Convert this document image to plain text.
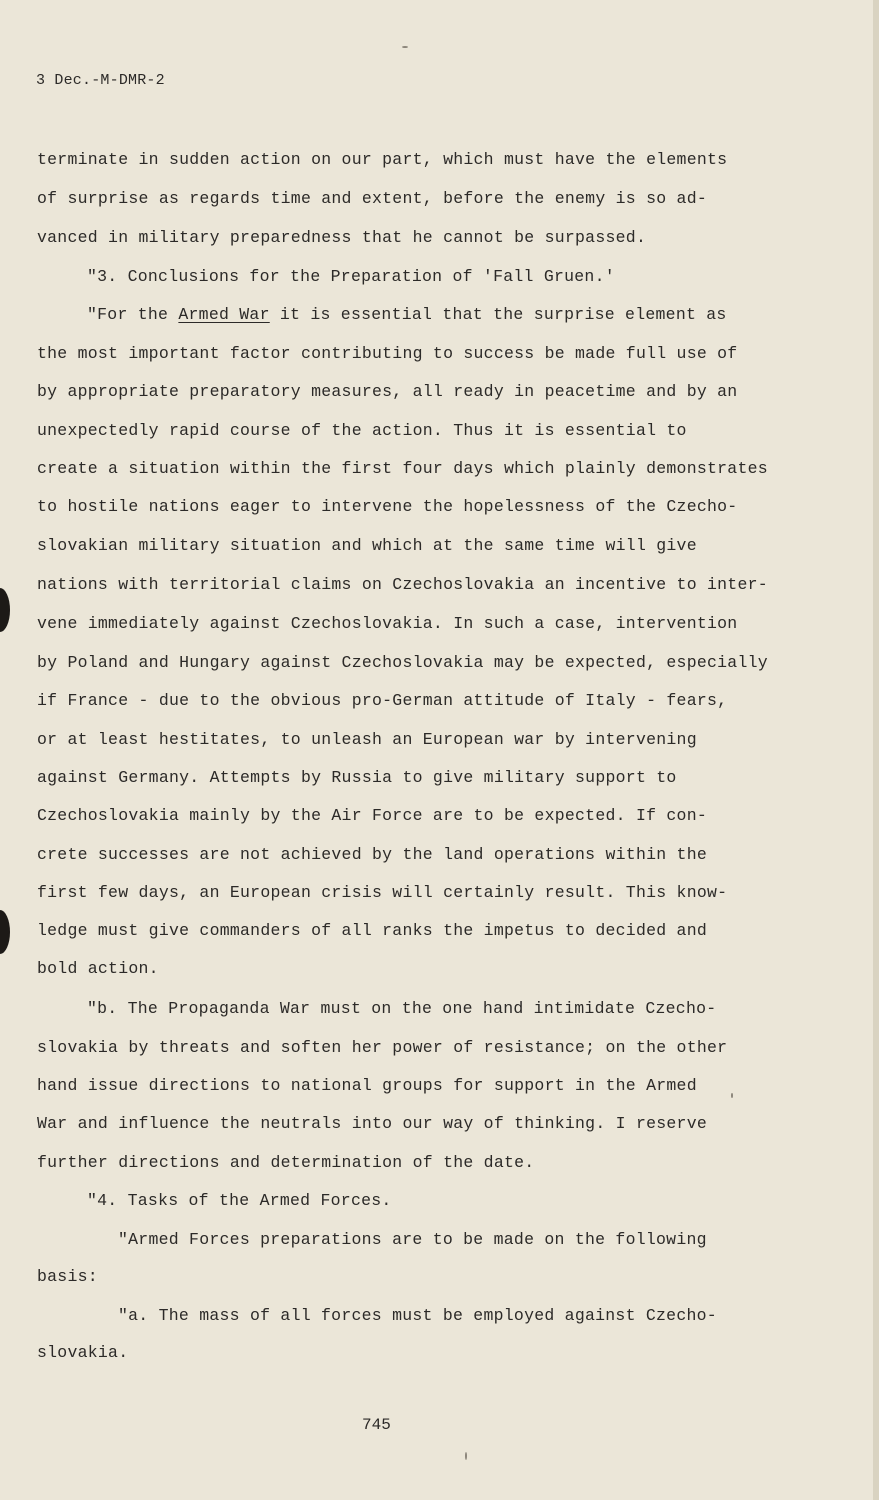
3 Dec.-M-DMR-2
terminate in sudden action on our part, which must have the elements
of surprise as regards time and extent, before the enemy is so ad-
vanced in military preparedness that he cannot be surpassed.
"3. Conclusions for the Preparation of 'Fall Gruen.'
"For the Armed War it is essential that the surprise element as
the most important factor contributing to success be made full use of
by appropriate preparatory measures, all ready in peacetime and by an
unexpectedly rapid course of the action. Thus it is essential to
create a situation within the first four days which plainly demonstrates
to hostile nations eager to intervene the hopelessness of the Czecho-
slovakian military situation and which at the same time will give
nations with territorial claims on Czechoslovakia an incentive to inter-
vene immediately against Czechoslovakia. In such a case, intervention
by Poland and Hungary against Czechoslovakia may be expected, especially
if France - due to the obvious pro-German attitude of Italy - fears,
or at least hestitates, to unleash an European war by intervening
against Germany. Attempts by Russia to give military support to
Czechoslovakia mainly by the Air Force are to be expected. If con-
crete successes are not achieved by the land operations within the
first few days, an European crisis will certainly result. This know-
ledge must give commanders of all ranks the impetus to decided and
bold action.
"b. The Propaganda War must on the one hand intimidate Czecho-
slovakia by threats and soften her power of resistance; on the other
hand issue directions to national groups for support in the Armed
War and influence the neutrals into our way of thinking. I reserve
further directions and determination of the date.
"4. Tasks of the Armed Forces.
"Armed Forces preparations are to be made on the following
basis:
"a. The mass of all forces must be employed against Czecho-
slovakia.
745
